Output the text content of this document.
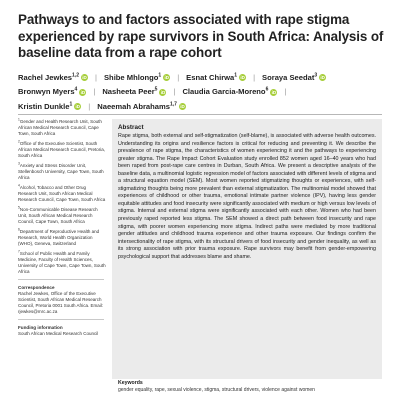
Pathways to and factors associated with rape stigma experienced by rape survivors in South Africa: Analysis of baseline data from a rape cohort
Rachel Jewkes$^{1,2}$ iD | Shibe Mhlongo$^1$ iD | Esnat Chirwa$^1$ iD | Soraya Seedat$^3$ iD
Bronwyn Myers$^4$ iD | Nasheeta Peer$^5$ iD | Claudia Garcia-Moreno$^6$ iD |
Kristin Dunkle$^1$ iD | Naeemah Abrahams$^{1,7}$ iD
$^1$Gender and Health Research Unit, South African Medical Research Council, Cape Town, South Africa
$^2$Office of the Executive Scientist, South African Medical Research Council, Pretoria, South Africa
$^3$Anxiety and Stress Disorder Unit, Stellenbosch University, Cape Town, South Africa
$^4$Alcohol, Tobacco and Other Drug Research Unit, South African Medical Research Council, Cape Town, South Africa
$^5$Non-Communicable Disease Research Unit, South African Medical Research Council, Cape Town, South Africa
$^6$Department of Reproductive Health and Research, World Health Organization (WHO), Geneva, Switzerland
$^7$School of Public Health and Family Medicine, Faculty of Health Sciences, University of Cape Town, Cape Town, South Africa
Correspondence
Rachel Jewkes, Office of the Executive Scientist, South African Medical Research Council, Pretoria 0001 South Africa. Email: rjewkes@mrc.ac.za
Funding information
South African Medical Research Council
Abstract

Rape stigma, both external and self-stigmatization (self-blame), is associated with adverse health outcomes. Understanding its origins and resilience factors is critical for reducing and preventing it. We describe the prevalence of rape stigma, the characteristics of women experiencing it and the pathways to experiencing greater stigma. The Rape Impact Cohort Evaluation study enrolled 852 women aged 16–40 years who had been raped from post-rape care centres in Durban, South Africa. We present a descriptive analysis of the baseline data, a multinomial logistic regression model of factors associated with different levels of stigma and a structural equation model (SEM). Most women reported stigmatizing thoughts or experiences, with self-stigmatizing thoughts being more prevalent than external stigmatization. The multinomial model showed that experiences of childhood or other trauma, emotional intimate partner violence (IPV), having less gender equitable attitudes and food insecurity were significantly associated with medium or high versus low levels of stigma. Internal and external stigma were significantly associated with each other. Women who had been previously raped reported less stigma. The SEM showed a direct path between food insecurity and rape stigma, with poorer women experiencing more stigma. Indirect paths were mediated by more traditional gender attitudes and childhood trauma experience and other trauma exposure. Our findings confirm the intersectionality of rape stigma, with its structural drivers of food insecurity and gender inequality, as well as its strong association with prior trauma exposure. Rape survivors may benefit from gender-empowering psychological support that addresses blame and shame.

Keywords
gender equality, rape, sexual violence, stigma, structural drivers, violence against women
